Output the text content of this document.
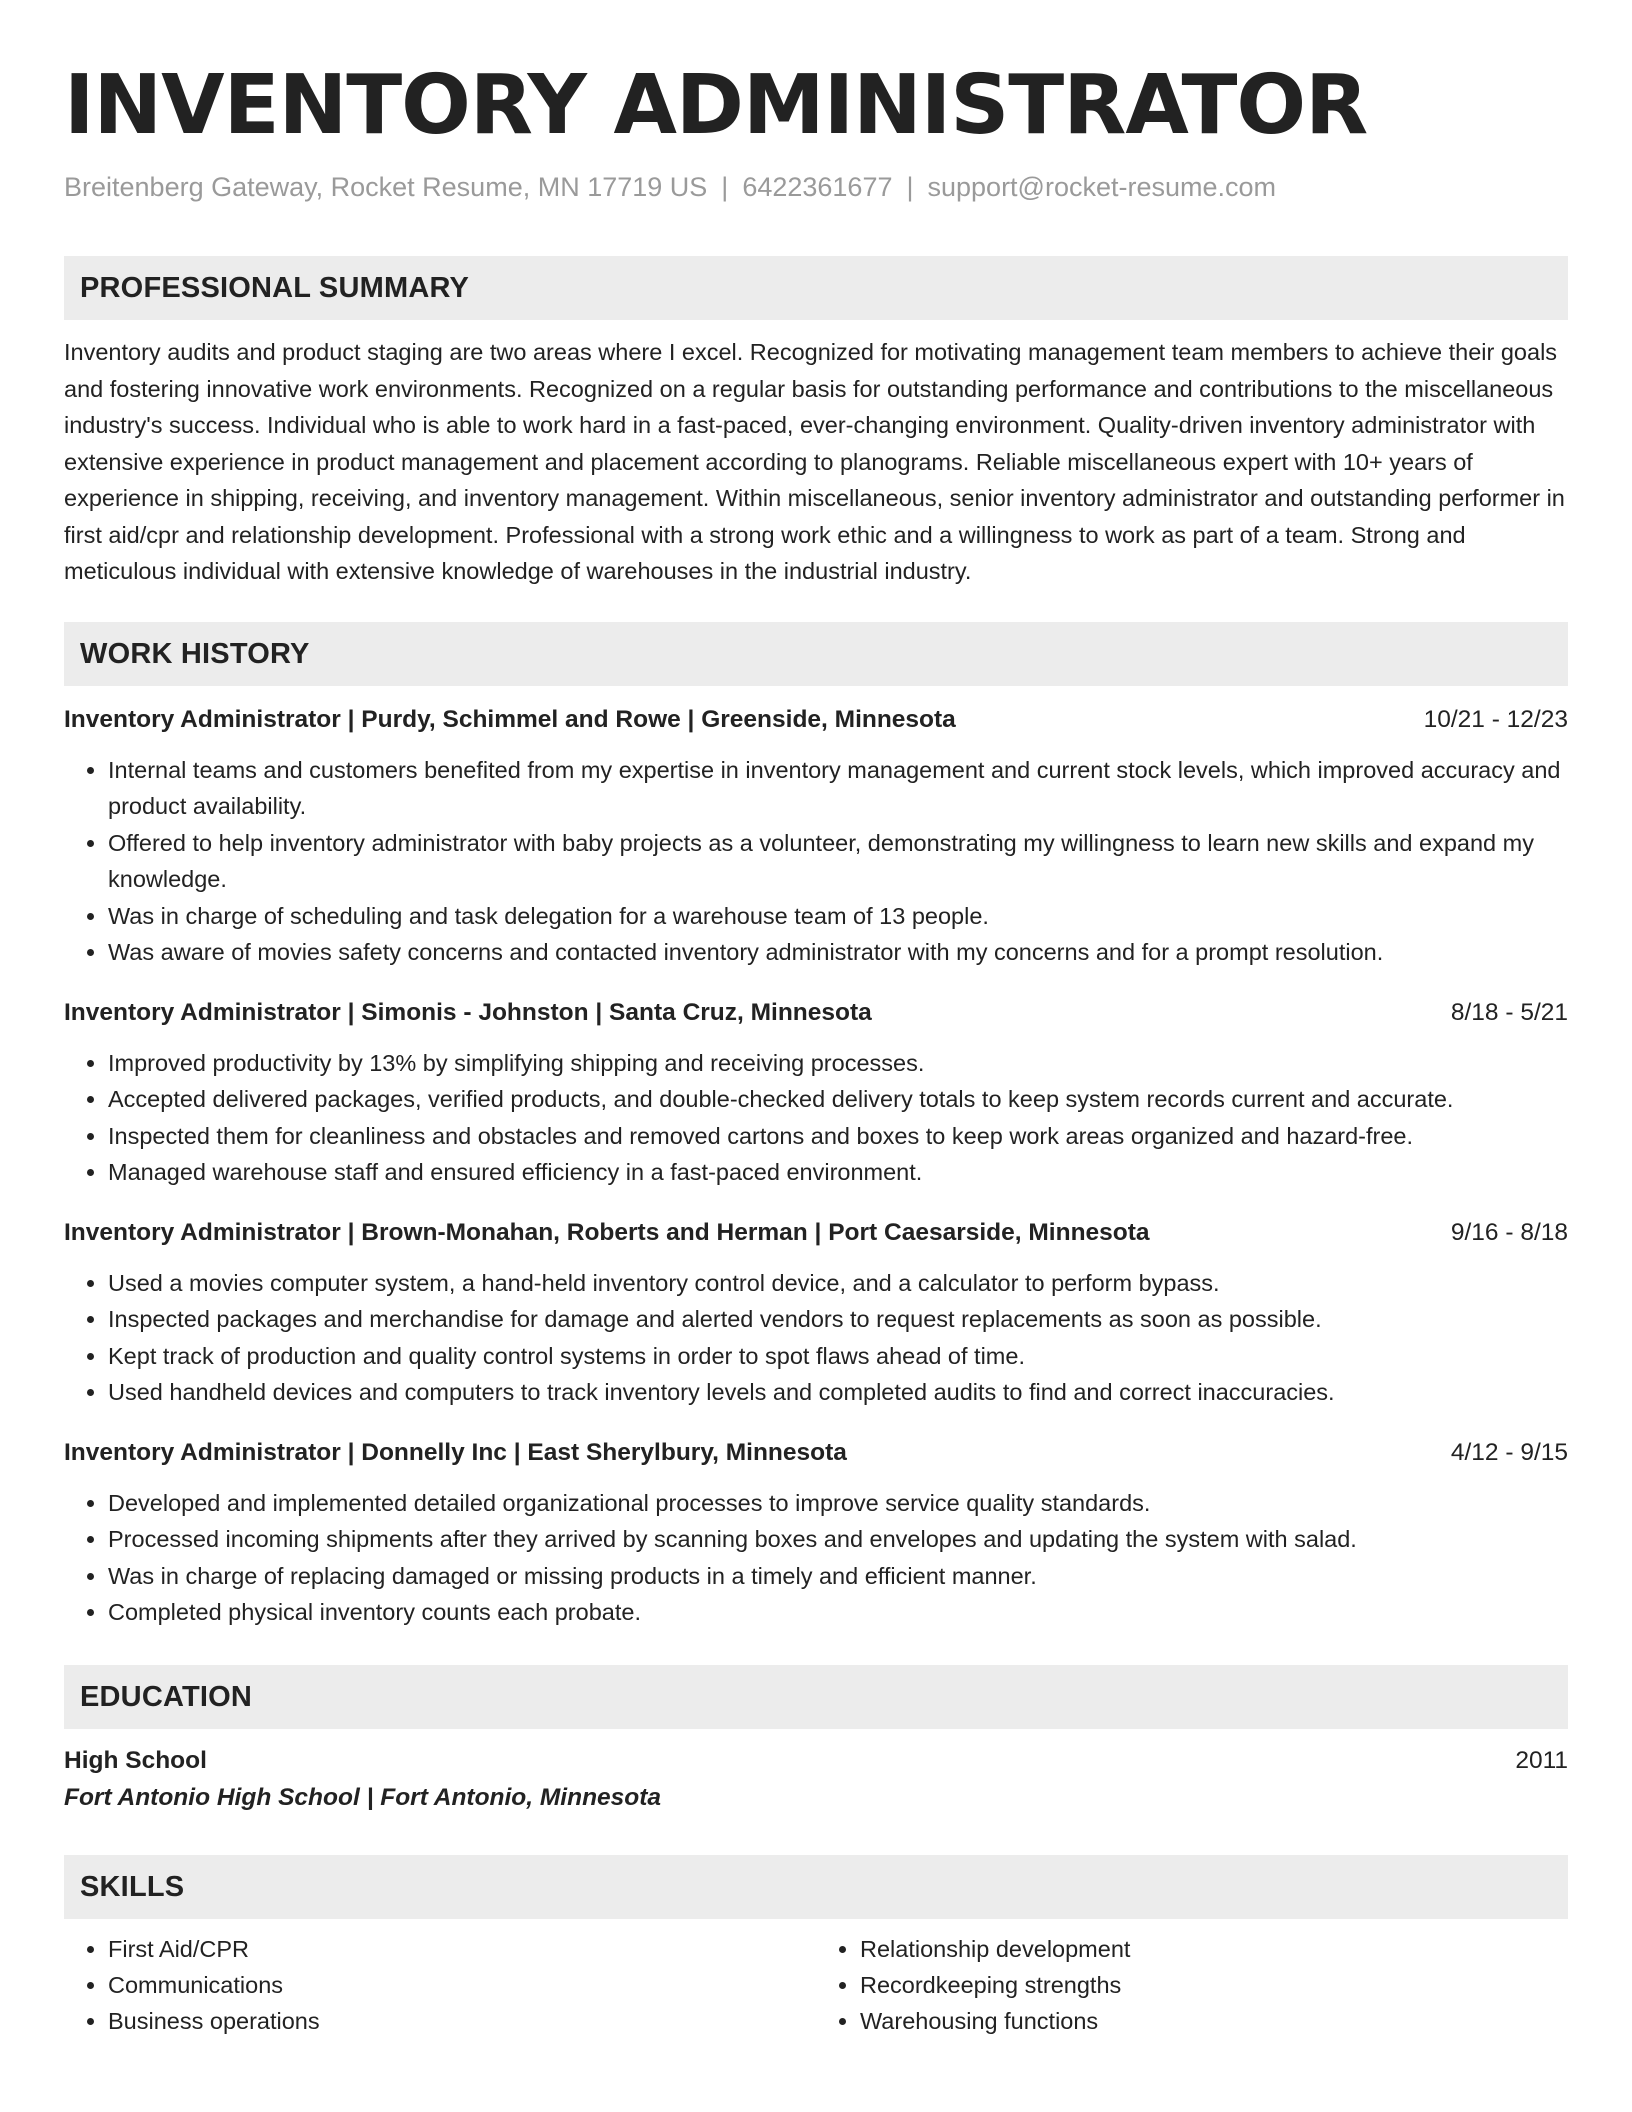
INVENTORY ADMINISTRATOR
Breitenberg Gateway, Rocket Resume, MN 17719 US | 6422361677 | support@rocket-resume.com
PROFESSIONAL SUMMARY
Inventory audits and product staging are two areas where I excel. Recognized for motivating management team members to achieve their goals and fostering innovative work environments. Recognized on a regular basis for outstanding performance and contributions to the miscellaneous industry's success. Individual who is able to work hard in a fast-paced, ever-changing environment. Quality-driven inventory administrator with extensive experience in product management and placement according to planograms. Reliable miscellaneous expert with 10+ years of experience in shipping, receiving, and inventory management. Within miscellaneous, senior inventory administrator and outstanding performer in first aid/cpr and relationship development. Professional with a strong work ethic and a willingness to work as part of a team. Strong and meticulous individual with extensive knowledge of warehouses in the industrial industry.
WORK HISTORY
Inventory Administrator | Purdy, Schimmel and Rowe | Greenside, Minnesota	10/21 - 12/23
• Internal teams and customers benefited from my expertise in inventory management and current stock levels, which improved accuracy and product availability.
• Offered to help inventory administrator with baby projects as a volunteer, demonstrating my willingness to learn new skills and expand my knowledge.
• Was in charge of scheduling and task delegation for a warehouse team of 13 people.
• Was aware of movies safety concerns and contacted inventory administrator with my concerns and for a prompt resolution.
Inventory Administrator | Simonis - Johnston | Santa Cruz, Minnesota	8/18 - 5/21
• Improved productivity by 13% by simplifying shipping and receiving processes.
• Accepted delivered packages, verified products, and double-checked delivery totals to keep system records current and accurate.
• Inspected them for cleanliness and obstacles and removed cartons and boxes to keep work areas organized and hazard-free.
• Managed warehouse staff and ensured efficiency in a fast-paced environment.
Inventory Administrator | Brown-Monahan, Roberts and Herman | Port Caesarside, Minnesota	9/16 - 8/18
• Used a movies computer system, a hand-held inventory control device, and a calculator to perform bypass.
• Inspected packages and merchandise for damage and alerted vendors to request replacements as soon as possible.
• Kept track of production and quality control systems in order to spot flaws ahead of time.
• Used handheld devices and computers to track inventory levels and completed audits to find and correct inaccuracies.
Inventory Administrator | Donnelly Inc | East Sherylbury, Minnesota	4/12 - 9/15
• Developed and implemented detailed organizational processes to improve service quality standards.
• Processed incoming shipments after they arrived by scanning boxes and envelopes and updating the system with salad.
• Was in charge of replacing damaged or missing products in a timely and efficient manner.
• Completed physical inventory counts each probate.
EDUCATION
High School	2011
Fort Antonio High School | Fort Antonio, Minnesota
SKILLS
• First Aid/CPR
• Communications
• Business operations
• Relationship development
• Recordkeeping strengths
• Warehousing functions
